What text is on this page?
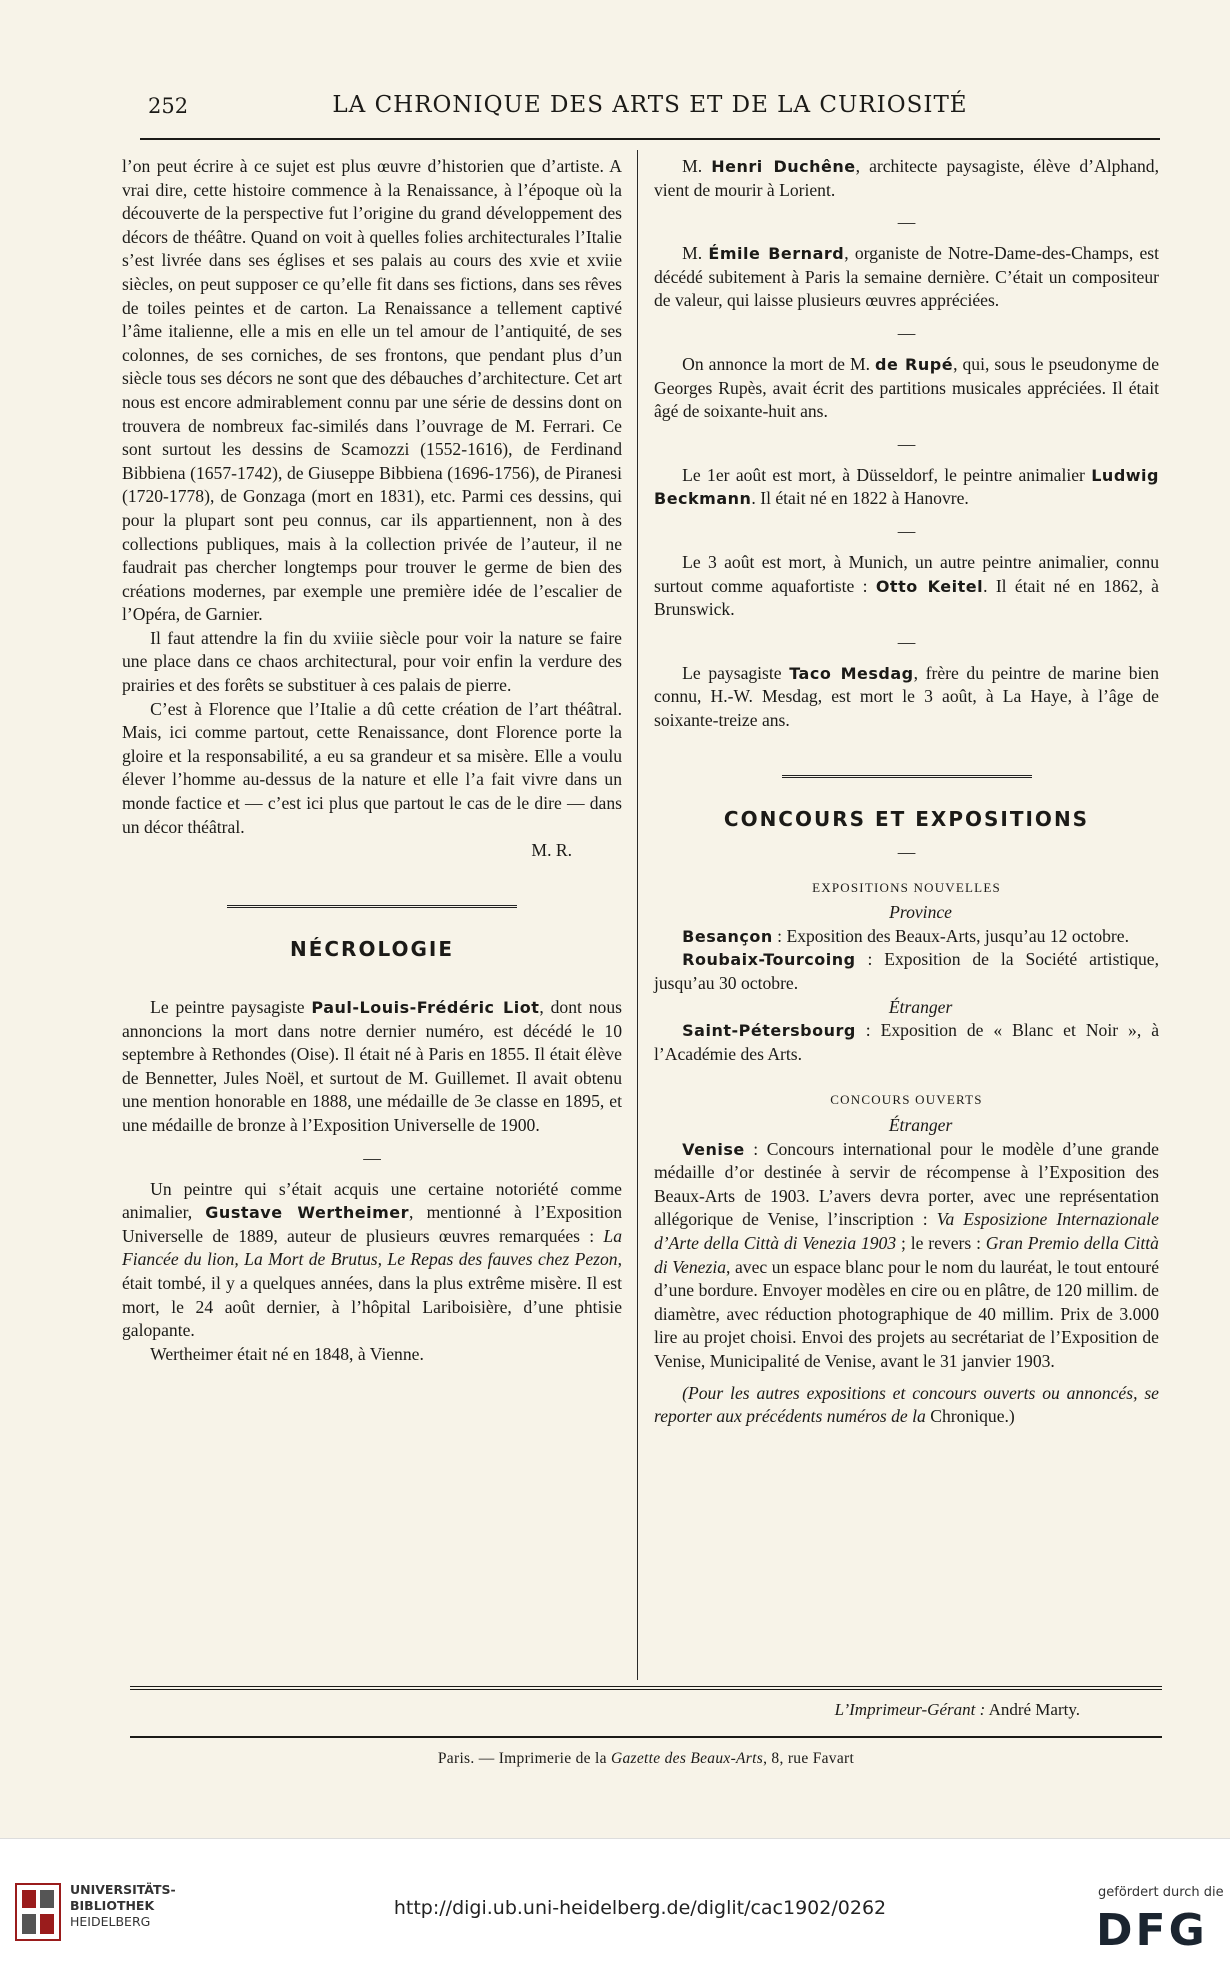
252	LA CHRONIQUE DES ARTS ET DE LA CURIOSITÉ

l’on peut écrire à ce sujet est plus œuvre d’historien que d’artiste. A vrai dire, cette histoire commence à la Renaissance, à l’époque où la découverte de la perspective fut l’origine du grand développement des décors de théâtre. Quand on voit à quelles folies architecturales l’Italie s’est livrée dans ses églises et ses palais au cours des xvie et xviie siècles, on peut supposer ce qu’elle fit dans ses fictions, dans ses rêves de toiles peintes et de carton. La Renaissance a tellement captivé l’âme italienne, elle a mis en elle un tel amour de l’antiquité, de ses colonnes, de ses corniches, de ses frontons, que pendant plus d’un siècle tous ses décors ne sont que des débauches d’architecture. Cet art nous est encore admirablement connu par une série de dessins dont on trouvera de nombreux fac-similés dans l’ouvrage de M. Ferrari. Ce sont surtout les dessins de Scamozzi (1552-1616), de Ferdinand Bibbiena (1657-1742), de Giuseppe Bibbiena (1696-1756), de Piranesi (1720-1778), de Gonzaga (mort en 1831), etc. Parmi ces dessins, qui pour la plupart sont peu connus, car ils appartiennent, non à des collections publiques, mais à la collection privée de l’auteur, il ne faudrait pas chercher longtemps pour trouver le germe de bien des créations modernes, par exemple une première idée de l’escalier de l’Opéra, de Garnier.

Il faut attendre la fin du xviiie siècle pour voir la nature se faire une place dans ce chaos architectural, pour voir enfin la verdure des prairies et des forêts se substituer à ces palais de pierre.

C’est à Florence que l’Italie a dû cette création de l’art théâtral. Mais, ici comme partout, cette Renaissance, dont Florence porte la gloire et la responsabilité, a eu sa grandeur et sa misère. Elle a voulu élever l’homme au-dessus de la nature et elle l’a fait vivre dans un monde factice et — c’est ici plus que partout le cas de le dire — dans un décor théâtral.

M. R.

NÉCROLOGIE

Le peintre paysagiste Paul-Louis-Frédéric Liot, dont nous annoncions la mort dans notre dernier numéro, est décédé le 10 septembre à Rethondes (Oise). Il était né à Paris en 1855. Il était élève de Bennetter, Jules Noël, et surtout de M. Guillemet. Il avait obtenu une mention honorable en 1888, une médaille de 3e classe en 1895, et une médaille de bronze à l’Exposition Universelle de 1900.

—

Un peintre qui s’était acquis une certaine notoriété comme animalier, Gustave Wertheimer, mentionné à l’Exposition Universelle de 1889, auteur de plusieurs œuvres remarquées : La Fiancée du lion, La Mort de Brutus, Le Repas des fauves chez Pezon, était tombé, il y a quelques années, dans la plus extrême misère. Il est mort, le 24 août dernier, à l’hôpital Lariboisière, d’une phtisie galopante.

Wertheimer était né en 1848, à Vienne.

M. Henri Duchêne, architecte paysagiste, élève d’Alphand, vient de mourir à Lorient.

—

M. Émile Bernard, organiste de Notre-Dame-des-Champs, est décédé subitement à Paris la semaine dernière. C’était un compositeur de valeur, qui laisse plusieurs œuvres appréciées.

—

On annonce la mort de M. de Rupé, qui, sous le pseudonyme de Georges Rupès, avait écrit des partitions musicales appréciées. Il était âgé de soixante-huit ans.

—

Le 1er août est mort, à Düsseldorf, le peintre animalier Ludwig Beckmann. Il était né en 1822 à Hanovre.

—

Le 3 août est mort, à Munich, un autre peintre animalier, connu surtout comme aquafortiste : Otto Keitel. Il était né en 1862, à Brunswick.

—

Le paysagiste Taco Mesdag, frère du peintre de marine bien connu, H.-W. Mesdag, est mort le 3 août, à La Haye, à l’âge de soixante-treize ans.

CONCOURS ET EXPOSITIONS
—
EXPOSITIONS NOUVELLES

Province

Besançon : Exposition des Beaux-Arts, jusqu’au 12 octobre.

Roubaix-Tourcoing : Exposition de la Société artistique, jusqu’au 30 octobre.

Étranger

Saint-Pétersbourg : Exposition de « Blanc et Noir », à l’Académie des Arts.

CONCOURS OUVERTS

Étranger

Venise : Concours international pour le modèle d’une grande médaille d’or destinée à servir de récompense à l’Exposition des Beaux-Arts de 1903. L’avers devra porter, avec une représentation allégorique de Venise, l’inscription : Va Esposizione Internazionale d’Arte della Città di Venezia 1903 ; le revers : Gran Premio della Città di Venezia, avec un espace blanc pour le nom du lauréat, le tout entouré d’une bordure. Envoyer modèles en cire ou en plâtre, de 120 millim. de diamètre, avec réduction photographique de 40 millim. Prix de 3.000 lire au projet choisi. Envoi des projets au secrétariat de l’Exposition de Venise, Municipalité de Venise, avant le 31 janvier 1903.

(Pour les autres expositions et concours ouverts ou annoncés, se reporter aux précédents numéros de la Chronique.)

L’Imprimeur-Gérant : André Marty.
Paris. — Imprimerie de la Gazette des Beaux-Arts, 8, rue Favart
UNIVERSITÄTS-
BIBLIOTHEK
HEIDELBERG
http://digi.ub.uni-heidelberg.de/diglit/cac1902/0262
gefördert durch die
DFG
